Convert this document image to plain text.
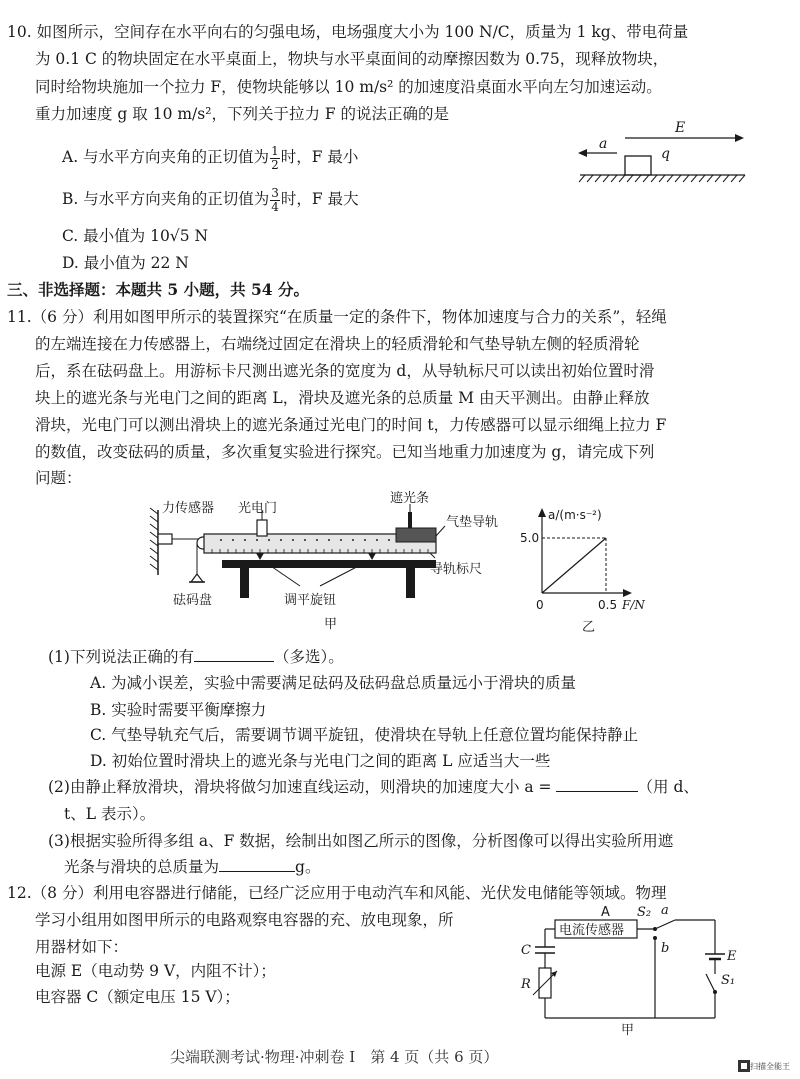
10. 如图所示，空间存在水平向右的匀强电场，电场强度大小为 100 N/C，质量为 1 kg、带电荷量
为 0.1 C 的物块固定在水平桌面上，物块与水平桌面间的动摩擦因数为 0.75，现释放物块，
同时给物块施加一个拉力 F，使物块能够以 10 m/s² 的加速度沿桌面水平向左匀加速运动。
重力加速度 g 取 10 m/s²，下列关于拉力 F 的说法正确的是
A. 与水平方向夹角的正切值为 $\frac{1}{2}$ 时，F 最小
B. 与水平方向夹角的正切值为 $\frac{3}{4}$ 时，F 最大
C. 最小值为 10√5 N
D. 最小值为 22 N
E
a
q
三、非选择题：本题共 5 小题，共 54 分。
11.（6 分）利用如图甲所示的装置探究“在质量一定的条件下，物体加速度与合力的关系”，轻绳
的左端连接在力传感器上，右端绕过固定在滑块上的轻质滑轮和气垫导轨左侧的轻质滑轮
后，系在砝码盘上。用游标卡尺测出遮光条的宽度为 d，从导轨标尺可以读出初始位置时滑
块上的遮光条与光电门之间的距离 L，滑块及遮光条的总质量 M 由天平测出。由静止释放
滑块，光电门可以测出滑块上的遮光条通过光电门的时间 t，力传感器可以显示细绳上拉力 F
的数值，改变砝码的质量，多次重复实验进行探究。已知当地重力加速度为 g，请完成下列
问题：
力传感器 光电门
遮光条
气垫导轨
砝码盘	调平旋钮
导轨标尺
甲
a/(m·s⁻²)
5.0
0	0.5 F/N
乙
(1)下列说法正确的有	（多选）。
A. 为减小误差，实验中需要满足砝码及砝码盘总质量远小于滑块的质量
B. 实验时需要平衡摩擦力
C. 气垫导轨充气后，需要调节调平旋钮，使滑块在导轨上任意位置均能保持静止
D. 初始位置时滑块上的遮光条与光电门之间的距离 L 应适当大一些
(2)由静止释放滑块，滑块将做匀加速直线运动，则滑块的加速度大小 a =	（用 d、
t、L 表示）。
(3)根据实验所得多组 a、F 数据，绘制出如图乙所示的图像，分析图像可以得出实验所用遮
光条与滑块的总质量为	g。
12.（8 分）利用电容器进行储能，已经广泛应用于电动汽车和风能、光伏发电储能等领域。物理
学习小组用如图甲所示的电路观察电容器的充、放电现象，所
用器材如下：
电源 E（电动势 9 V，内阻不计）；
电容器 C（额定电压 15 V）；
电流传感器
A S₂ a
E
S₁
b
C
R
甲
尖端联测考试·物理·冲刺卷 I　第 4 页（共 6 页）
扫描全能王
